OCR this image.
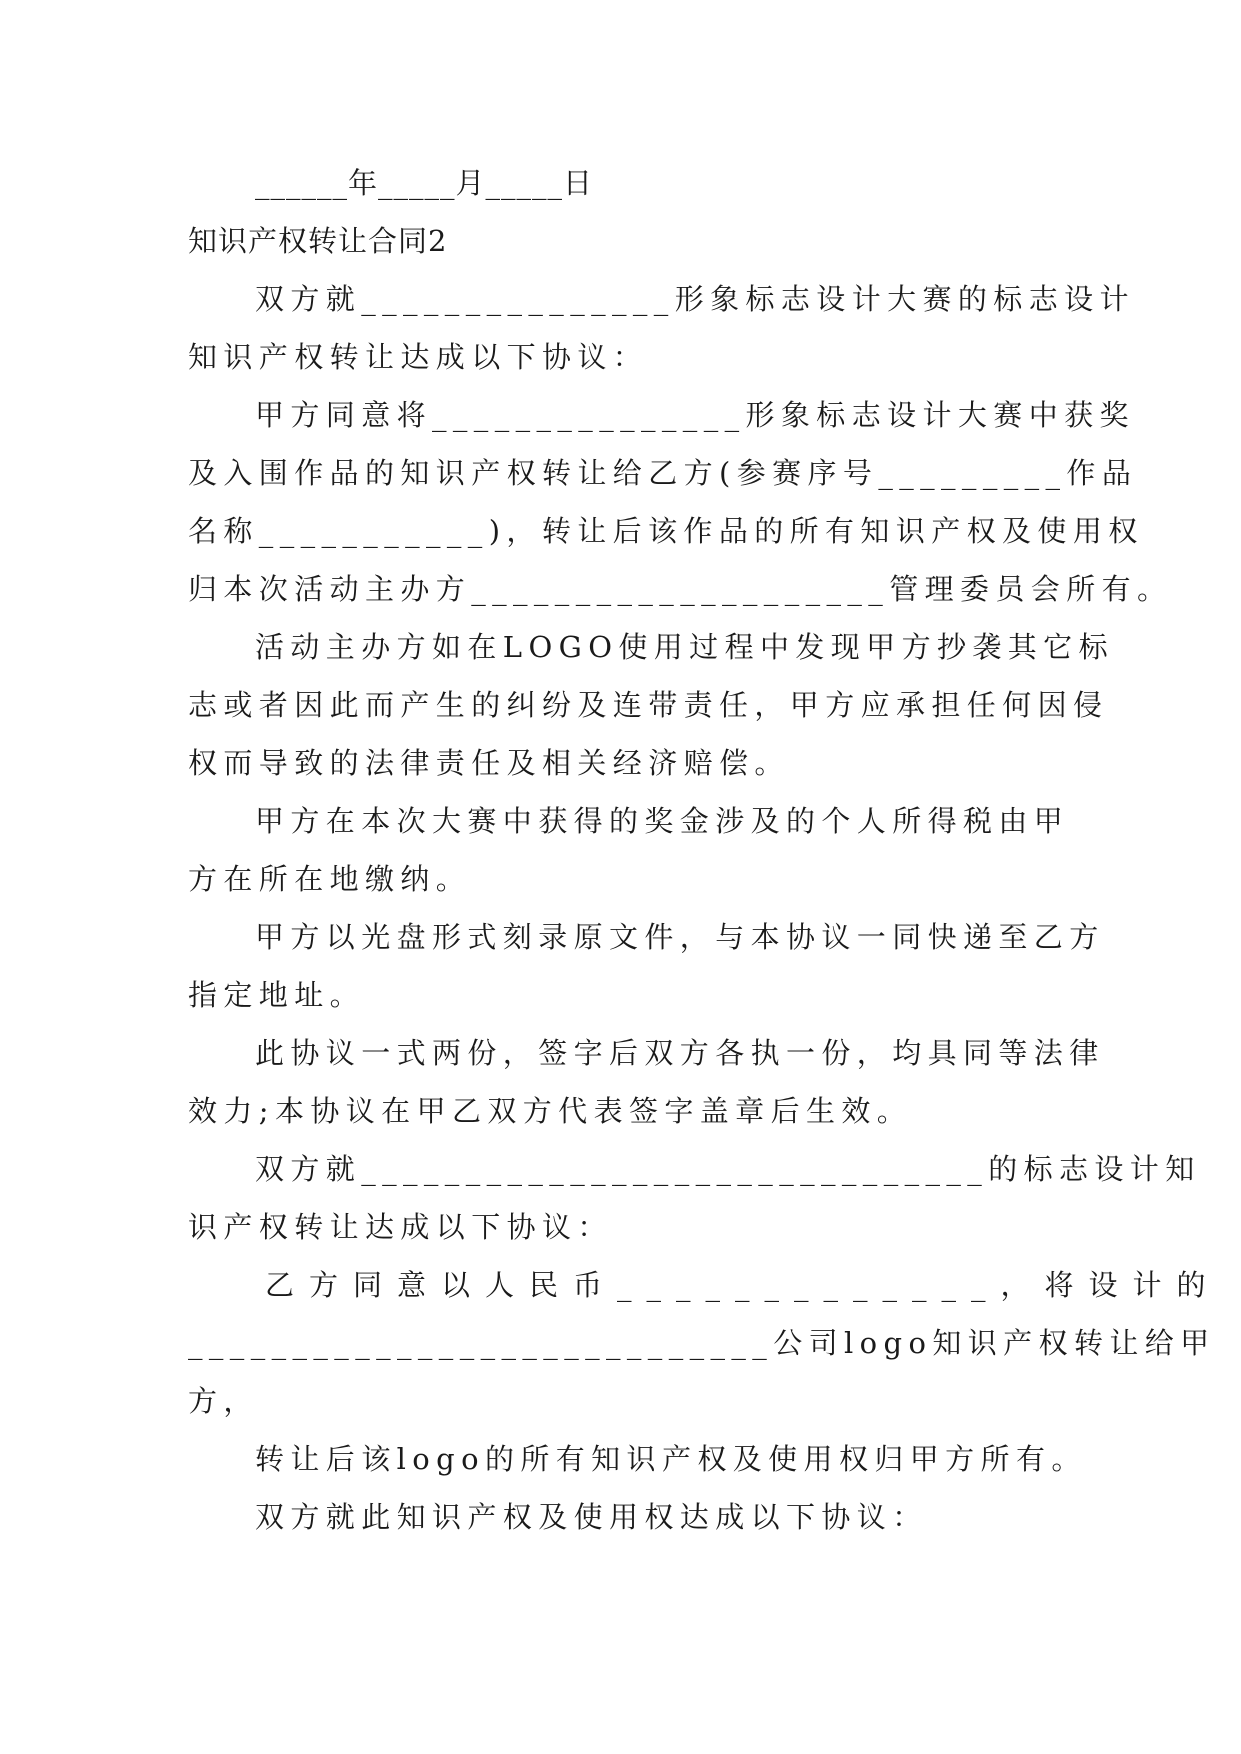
______年_____月_____日
知识产权转让合同2
双方就_______________形象标志设计大赛的标志设计
知识产权转让达成以下协议：
甲方同意将_______________形象标志设计大赛中获奖
及入围作品的知识产权转让给乙方(参赛序号_________作品
名称___________)，转让后该作品的所有知识产权及使用权
归本次活动主办方____________________管理委员会所有。
活动主办方如在LOGO使用过程中发现甲方抄袭其它标
志或者因此而产生的纠纷及连带责任，甲方应承担任何因侵
权而导致的法律责任及相关经济赔偿。
甲方在本次大赛中获得的奖金涉及的个人所得税由甲
方在所在地缴纳。
甲方以光盘形式刻录原文件，与本协议一同快递至乙方
指定地址。
此协议一式两份，签字后双方各执一份，均具同等法律
效力;本协议在甲乙双方代表签字盖章后生效。
双方就______________________________的标志设计知
识产权转让达成以下协议：
乙方同意以人民币_____________，将设计的
____________________________公司logo知识产权转让给甲
方，
转让后该logo的所有知识产权及使用权归甲方所有。
双方就此知识产权及使用权达成以下协议：
